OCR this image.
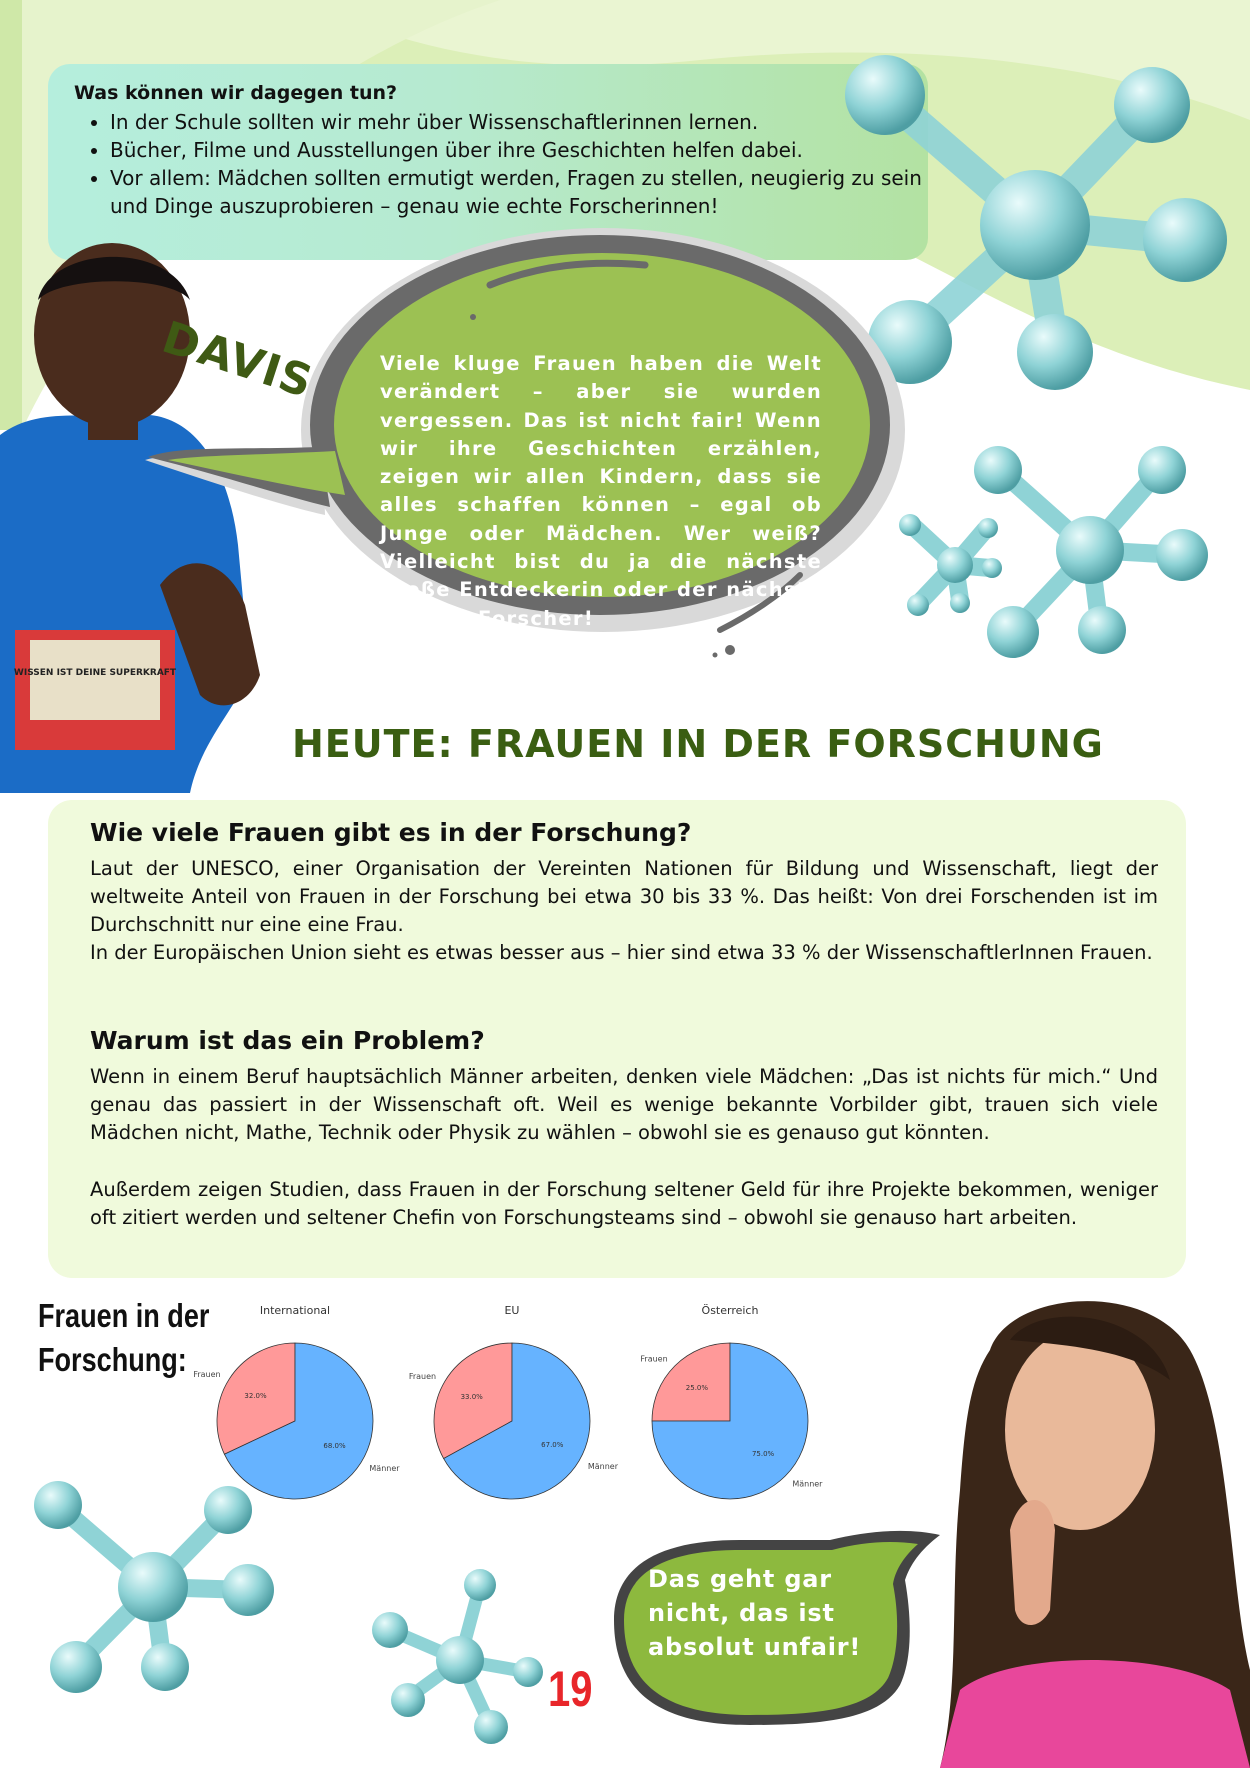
Was können wir dagegen tun?
• In der Schule sollten wir mehr über Wissenschaftlerinnen lernen.
• Bücher, Filme und Ausstellungen über ihre Geschichten helfen dabei.
• Vor allem: Mädchen sollten ermutigt werden, Fragen zu stellen, neugierig zu sein und Dinge auszuprobieren – genau wie echte Forscherinnen!
WISSEN IST DEINE SUPERKRAFT
DAVIS	Viele kluge Frauen haben die Welt verändert – aber sie wurden vergessen. Das ist nicht fair! Wenn wir ihre Geschichten erzählen, zeigen wir allen Kindern, dass sie alles schaffen können – egal ob Junge oder Mädchen. Wer weiß? Vielleicht bist du ja die nächste große Entdeckerin oder der nächste geniale Forscher!
HEUTE: FRAUEN IN DER FORSCHUNG
Wie viele Frauen gibt es in der Forschung?

Laut der UNESCO, einer Organisation der Vereinten Nationen für Bildung und Wissenschaft, liegt der weltweite Anteil von Frauen in der Forschung bei etwa 30 bis 33 %. Das heißt: Von drei Forschenden ist im Durchschnitt nur eine eine Frau.

In der Europäischen Union sieht es etwas besser aus – hier sind etwa 33 % der WissenschaftlerInnen Frauen.

Warum ist das ein Problem?

Wenn in einem Beruf hauptsächlich Männer arbeiten, denken viele Mädchen: „Das ist nichts für mich.“ Und genau das passiert in der Wissenschaft oft. Weil es wenige bekannte Vorbilder gibt, trauen sich viele Mädchen nicht, Mathe, Technik oder Physik zu wählen – obwohl sie es genauso gut könnten.

Außerdem zeigen Studien, dass Frauen in der Forschung seltener Geld für ihre Projekte bekommen, weniger oft zitiert werden und seltener Chefin von Forschungsteams sind – obwohl sie genauso hart arbeiten.

Frauen in der Forschung:
International
32.0%
Frauen
68.0%
Männer
EU
33.0%
Frauen
67.0%
Männer
Österreich
25.0%
Frauen
75.0%
Männer
Das geht gar nicht, das ist absolut unfair!
19
